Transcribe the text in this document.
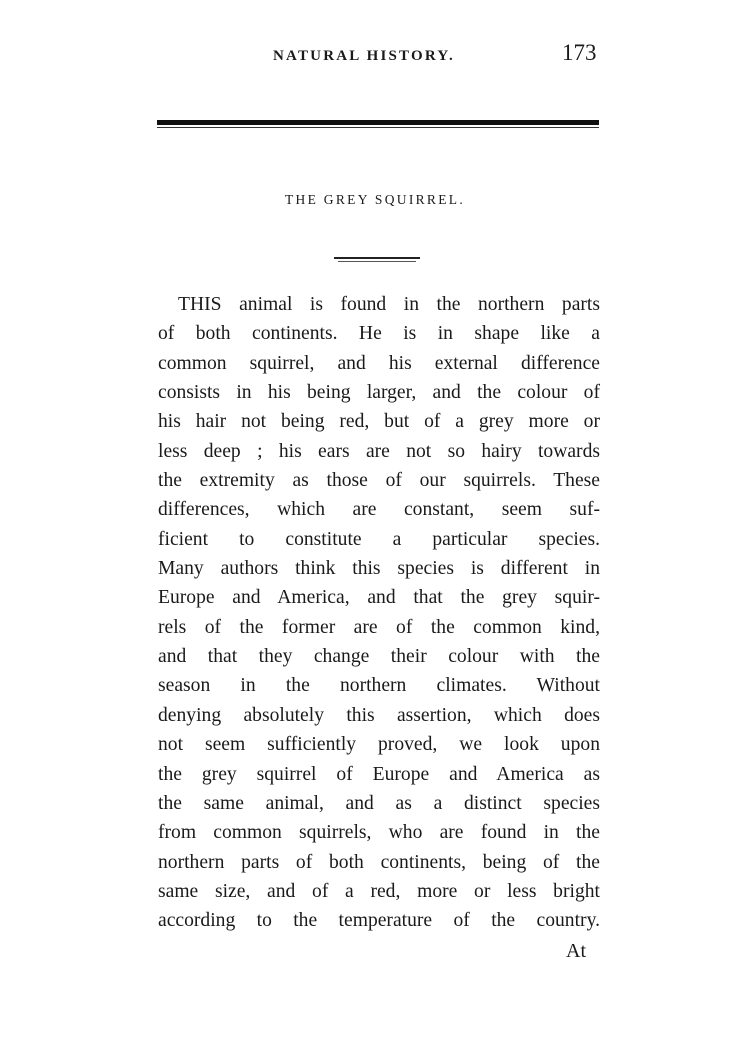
NATURAL HISTORY.	173
THE GREY SQUIRREL.
THIS animal is found in the northern parts
of both continents. He is in shape like a
common squirrel, and his external difference
consists in his being larger, and the colour of
his hair not being red, but of a grey more or
less deep ; his ears are not so hairy towards
the extremity as those of our squirrels. These
differences, which are constant, seem suf-
ficient to constitute a particular species.
Many authors think this species is different in
Europe and America, and that the grey squir-
rels of the former are of the common kind,
and that they change their colour with the
season in the northern climates. Without
denying absolutely this assertion, which does
not seem sufficiently proved, we look upon
the grey squirrel of Europe and America as
the same animal, and as a distinct species
from common squirrels, who are found in the
northern parts of both continents, being of the
same size, and of a red, more or less bright
according to the temperature of the country.
At
